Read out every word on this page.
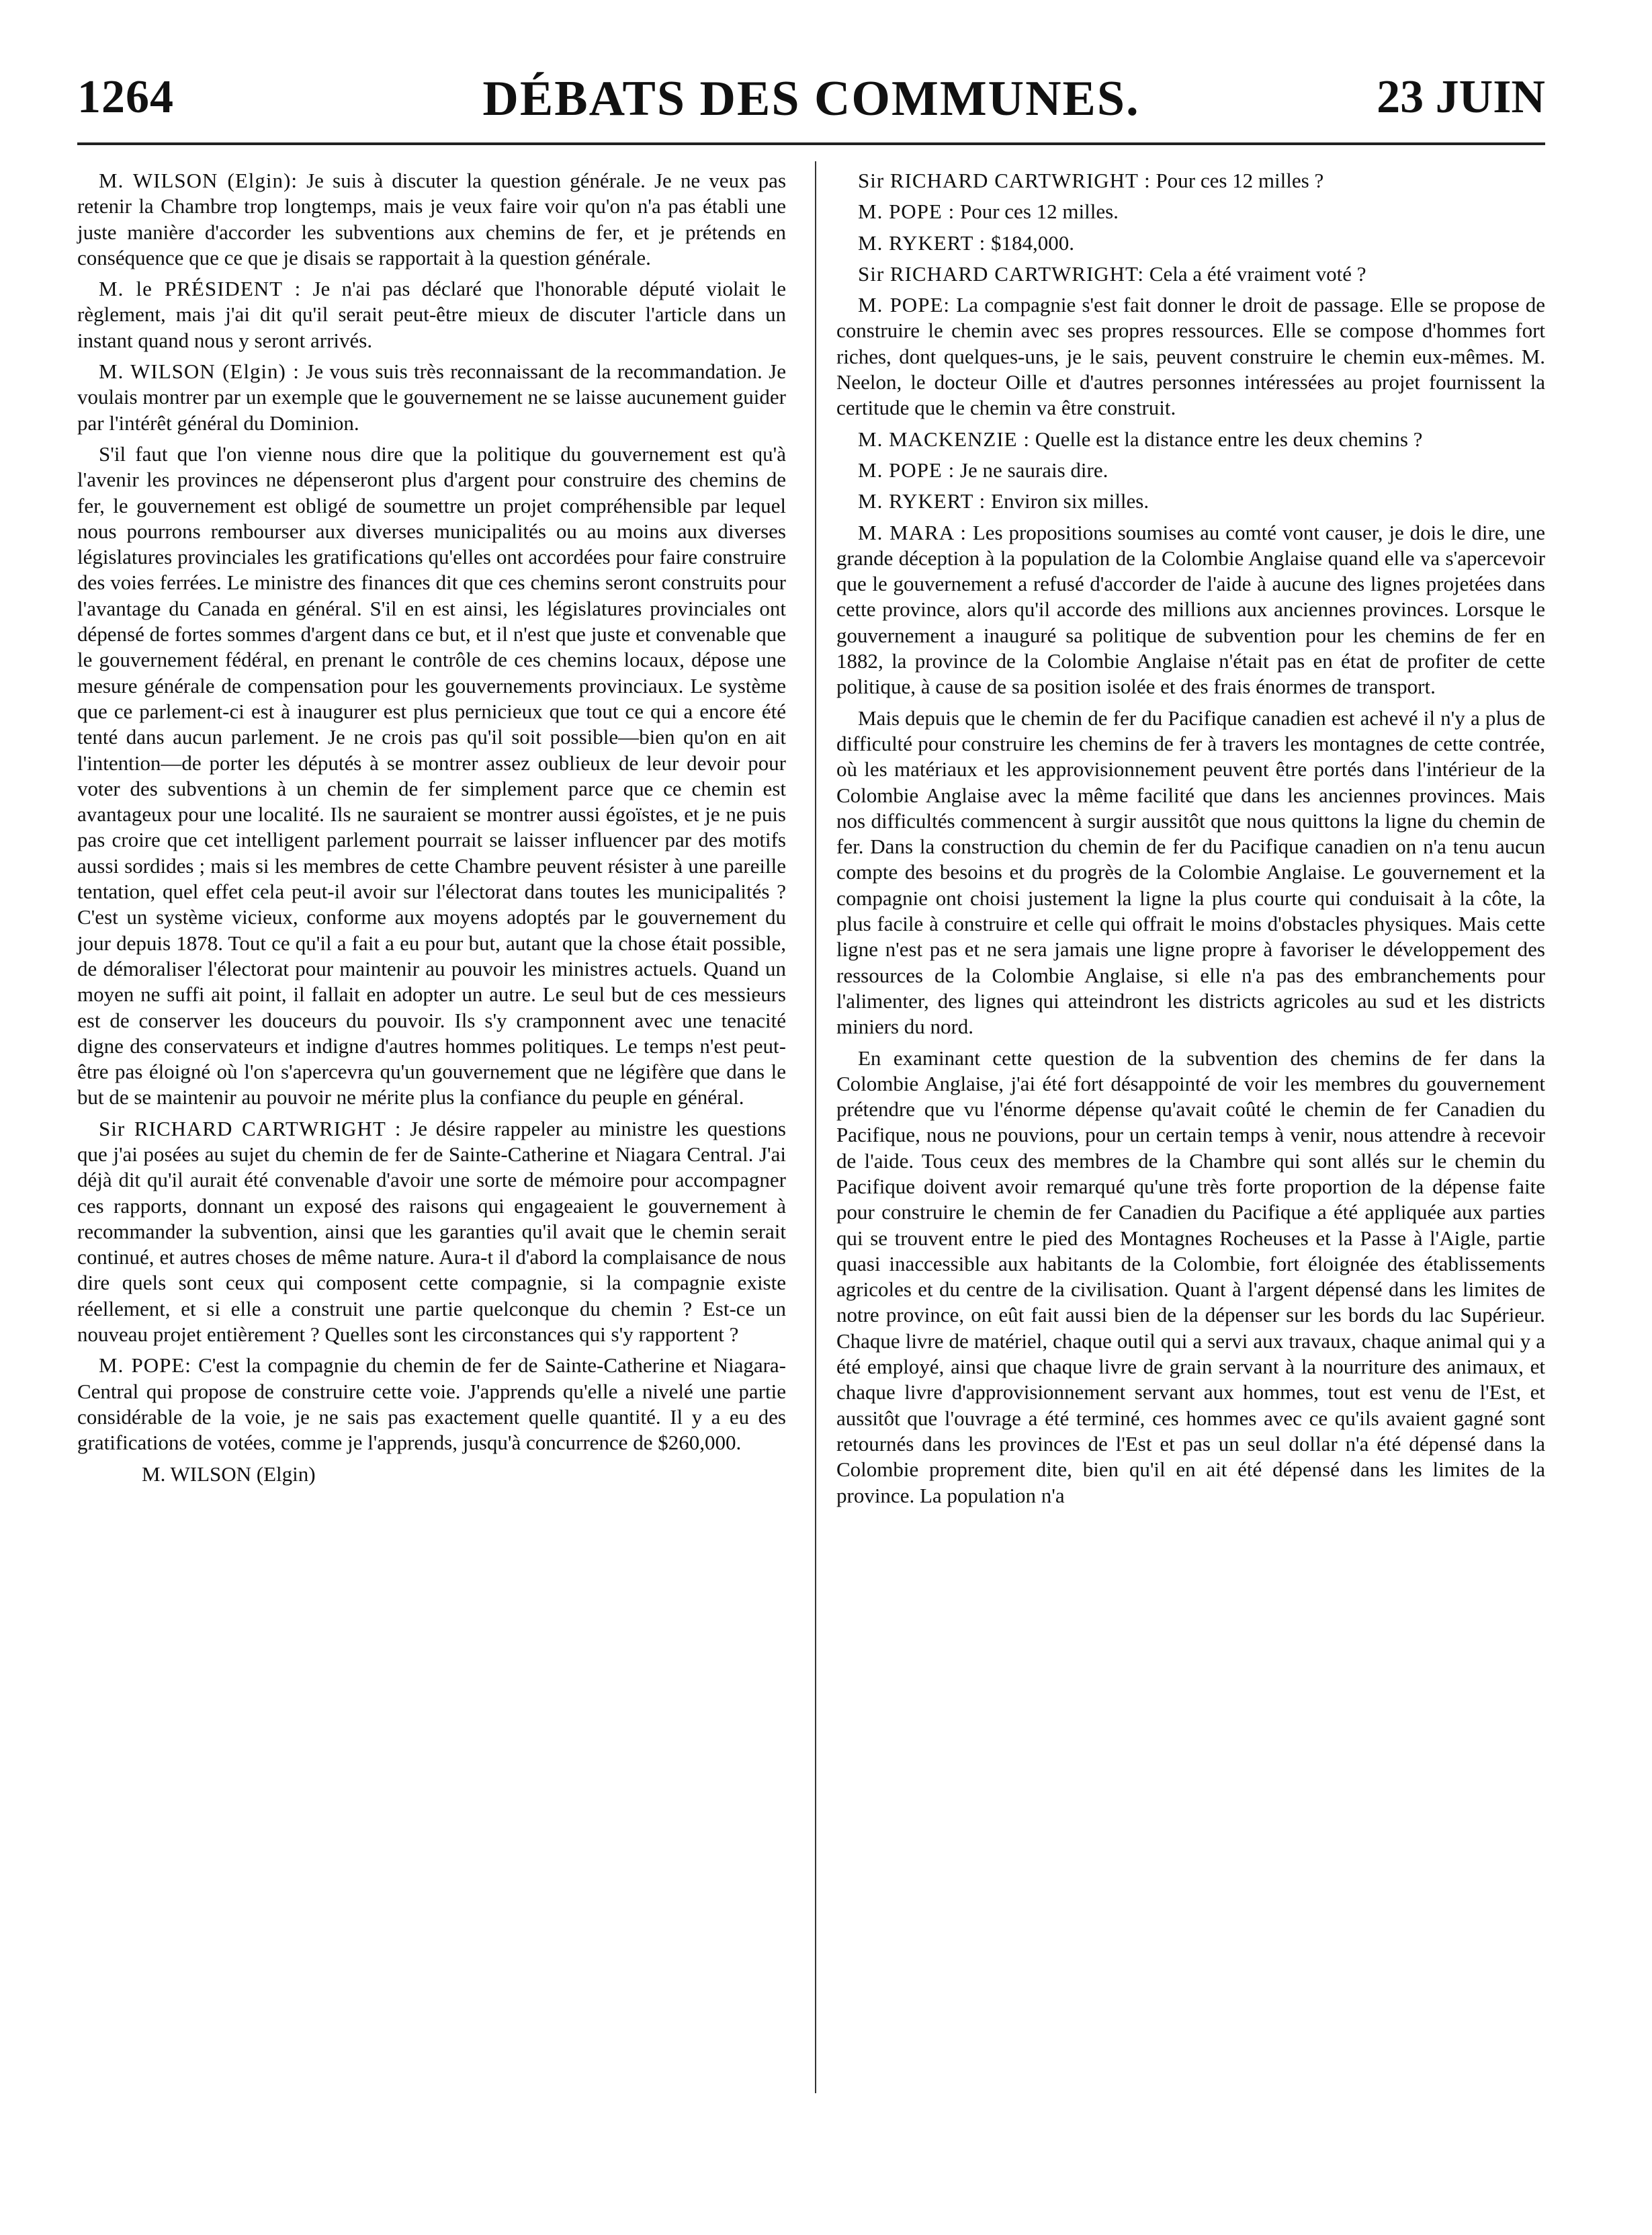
1264	DÉBATS DES COMMUNES.	23 JUIN

M. WILSON (Elgin): Je suis à discuter la question générale. Je ne veux pas retenir la Chambre trop longtemps, mais je veux faire voir qu'on n'a pas établi une juste manière d'accorder les subventions aux chemins de fer, et je prétends en conséquence que ce que je disais se rapportait à la question générale.

M. le PRÉSIDENT : Je n'ai pas déclaré que l'honorable député violait le règlement, mais j'ai dit qu'il serait peut-être mieux de discuter l'article dans un instant quand nous y seront arrivés.

M. WILSON (Elgin) : Je vous suis très reconnaissant de la recommandation. Je voulais montrer par un exemple que le gouvernement ne se laisse aucunement guider par l'intérêt général du Dominion.

S'il faut que l'on vienne nous dire que la politique du gouvernement est qu'à l'avenir les provinces ne dépenseront plus d'argent pour construire des chemins de fer, le gouvernement est obligé de soumettre un projet compréhensible par lequel nous pourrons rembourser aux diverses municipalités ou au moins aux diverses législatures provinciales les gratifications qu'elles ont accordées pour faire construire des voies ferrées. Le ministre des finances dit que ces chemins seront construits pour l'avantage du Canada en général. S'il en est ainsi, les législatures provinciales ont dépensé de fortes sommes d'argent dans ce but, et il n'est que juste et convenable que le gouvernement fédéral, en prenant le contrôle de ces chemins locaux, dépose une mesure générale de compensation pour les gouvernements provinciaux. Le système que ce parlement-ci est à inaugurer est plus pernicieux que tout ce qui a encore été tenté dans aucun parlement. Je ne crois pas qu'il soit possible—bien qu'on en ait l'intention—de porter les députés à se montrer assez oublieux de leur devoir pour voter des subventions à un chemin de fer simplement parce que ce chemin est avantageux pour une localité. Ils ne sauraient se montrer aussi égoïstes, et je ne puis pas croire que cet intelligent parlement pourrait se laisser influencer par des motifs aussi sordides ; mais si les membres de cette Chambre peuvent résister à une pareille tentation, quel effet cela peut-il avoir sur l'électorat dans toutes les municipalités ? C'est un système vicieux, conforme aux moyens adoptés par le gouvernement du jour depuis 1878. Tout ce qu'il a fait a eu pour but, autant que la chose était possible, de démoraliser l'électorat pour maintenir au pouvoir les ministres actuels. Quand un moyen ne suffi ait point, il fallait en adopter un autre. Le seul but de ces messieurs est de conserver les douceurs du pouvoir. Ils s'y cramponnent avec une tenacité digne des conservateurs et indigne d'autres hommes politiques. Le temps n'est peut-être pas éloigné où l'on s'apercevra qu'un gouvernement que ne légifère que dans le but de se maintenir au pouvoir ne mérite plus la confiance du peuple en général.

Sir RICHARD CARTWRIGHT : Je désire rappeler au ministre les questions que j'ai posées au sujet du chemin de fer de Sainte-Catherine et Niagara Central. J'ai déjà dit qu'il aurait été convenable d'avoir une sorte de mémoire pour accompagner ces rapports, donnant un exposé des raisons qui engageaient le gouvernement à recommander la subvention, ainsi que les garanties qu'il avait que le chemin serait continué, et autres choses de même nature. Aura-t il d'abord la complaisance de nous dire quels sont ceux qui composent cette compagnie, si la compagnie existe réellement, et si elle a construit une partie quelconque du chemin ? Est-ce un nouveau projet entièrement ? Quelles sont les circonstances qui s'y rapportent ?

M. POPE: C'est la compagnie du chemin de fer de Sainte-Catherine et Niagara-Central qui propose de construire cette voie. J'apprends qu'elle a nivelé une partie considérable de la voie, je ne sais pas exactement quelle quantité. Il y a eu des gratifications de votées, comme je l'apprends, jusqu'à concurrence de $260,000.

M. WILSON (Elgin)

Sir RICHARD CARTWRIGHT : Pour ces 12 milles ?

M. POPE : Pour ces 12 milles.

M. RYKERT : $184,000.

Sir RICHARD CARTWRIGHT: Cela a été vraiment voté ?

M. POPE: La compagnie s'est fait donner le droit de passage. Elle se propose de construire le chemin avec ses propres ressources. Elle se compose d'hommes fort riches, dont quelques-uns, je le sais, peuvent construire le chemin eux-mêmes. M. Neelon, le docteur Oille et d'autres personnes intéressées au projet fournissent la certitude que le chemin va être construit.

M. MACKENZIE : Quelle est la distance entre les deux chemins ?

M. POPE : Je ne saurais dire.

M. RYKERT : Environ six milles.

M. MARA : Les propositions soumises au comté vont causer, je dois le dire, une grande déception à la population de la Colombie Anglaise quand elle va s'apercevoir que le gouvernement a refusé d'accorder de l'aide à aucune des lignes projetées dans cette province, alors qu'il accorde des millions aux anciennes provinces. Lorsque le gouvernement a inauguré sa politique de subvention pour les chemins de fer en 1882, la province de la Colombie Anglaise n'était pas en état de profiter de cette politique, à cause de sa position isolée et des frais énormes de transport.

Mais depuis que le chemin de fer du Pacifique canadien est achevé il n'y a plus de difficulté pour construire les chemins de fer à travers les montagnes de cette contrée, où les matériaux et les approvisionnement peuvent être portés dans l'intérieur de la Colombie Anglaise avec la même facilité que dans les anciennes provinces. Mais nos difficultés commencent à surgir aussitôt que nous quittons la ligne du chemin de fer. Dans la construction du chemin de fer du Pacifique canadien on n'a tenu aucun compte des besoins et du progrès de la Colombie Anglaise. Le gouvernement et la compagnie ont choisi justement la ligne la plus courte qui conduisait à la côte, la plus facile à construire et celle qui offrait le moins d'obstacles physiques. Mais cette ligne n'est pas et ne sera jamais une ligne propre à favoriser le développement des ressources de la Colombie Anglaise, si elle n'a pas des embranchements pour l'alimenter, des lignes qui atteindront les districts agricoles au sud et les districts miniers du nord.

En examinant cette question de la subvention des chemins de fer dans la Colombie Anglaise, j'ai été fort désappointé de voir les membres du gouvernement prétendre que vu l'énorme dépense qu'avait coûté le chemin de fer Canadien du Pacifique, nous ne pouvions, pour un certain temps à venir, nous attendre à recevoir de l'aide. Tous ceux des membres de la Chambre qui sont allés sur le chemin du Pacifique doivent avoir remarqué qu'une très forte proportion de la dépense faite pour construire le chemin de fer Canadien du Pacifique a été appliquée aux parties qui se trouvent entre le pied des Montagnes Rocheuses et la Passe à l'Aigle, partie quasi inaccessible aux habitants de la Colombie, fort éloignée des établissements agricoles et du centre de la civilisation. Quant à l'argent dépensé dans les limites de notre province, on eût fait aussi bien de la dépenser sur les bords du lac Supérieur. Chaque livre de matériel, chaque outil qui a servi aux travaux, chaque animal qui y a été employé, ainsi que chaque livre de grain servant à la nourriture des animaux, et chaque livre d'approvisionnement servant aux hommes, tout est venu de l'Est, et aussitôt que l'ouvrage a été terminé, ces hommes avec ce qu'ils avaient gagné sont retournés dans les provinces de l'Est et pas un seul dollar n'a été dépensé dans la Colombie proprement dite, bien qu'il en ait été dépensé dans les limites de la province. La population n'a
